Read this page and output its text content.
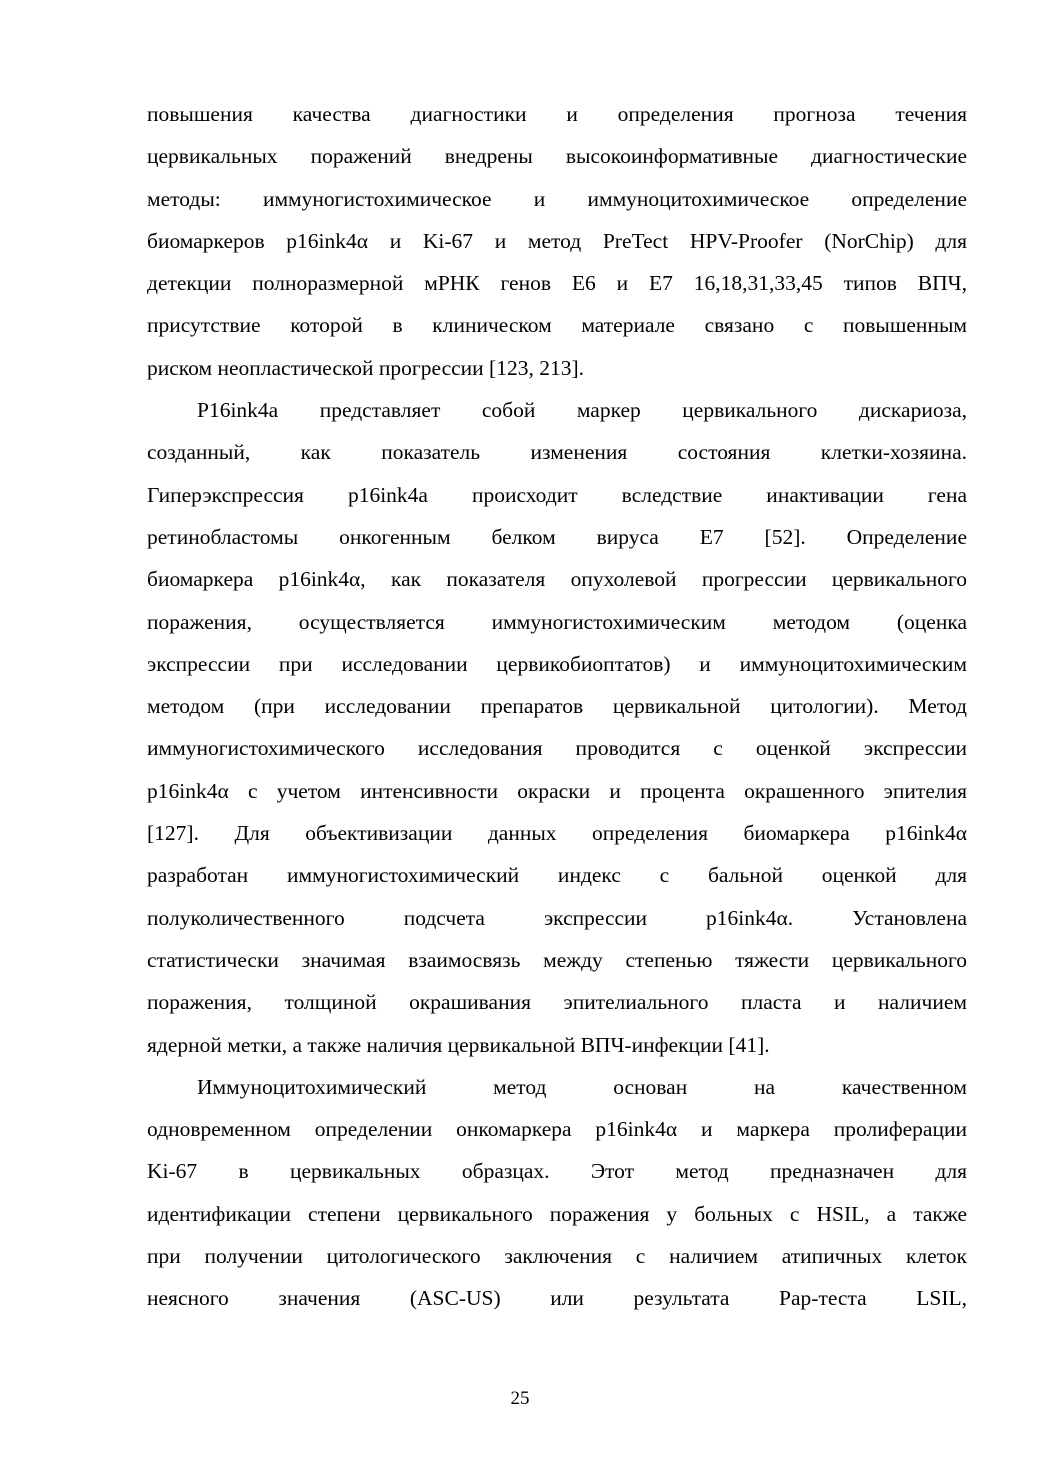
повышения качества диагностики и определения прогноза течения
цервикальных поражений внедрены высокоинформативные диагностические
методы: иммуногистохимическое и иммуноцитохимическое определение
биомаркеров p16ink4α и Ki-67 и метод PreTect HPV-Proofer (NorChip) для
детекции полноразмерной мРНК генов E6 и E7 16,18,31,33,45 типов ВПЧ,
присутствие которой в клиническом материале связано с повышенным
риском неопластической прогрессии [123, 213].
P16ink4a представляет собой маркер цервикального дискариоза,
созданный, как показатель изменения состояния клетки-хозяина.
Гиперэкспрессия p16ink4a происходит вследствие инактивации гена
ретинобластомы онкогенным белком вируса E7 [52]. Определение
биомаркера p16ink4α, как показателя опухолевой прогрессии цервикального
поражения, осуществляется иммуногистохимическим методом (оценка
экспрессии при исследовании цервикобиоптатов) и иммуноцитохимическим
методом (при исследовании препаратов цервикальной цитологии). Метод
иммуногистохимического исследования проводится с оценкой экспрессии
p16ink4α с учетом интенсивности окраски и процента окрашенного эпителия
[127]. Для объективизации данных определения биомаркера p16ink4α
разработан иммуногистохимический индекс с бальной оценкой для
полуколичественного подсчета экспрессии p16ink4α. Установлена
статистически значимая взаимосвязь между степенью тяжести цервикального
поражения, толщиной окрашивания эпителиального пласта и наличием
ядерной метки, а также наличия цервикальной ВПЧ-инфекции [41].
Иммуноцитохимический метод основан на качественном
одновременном определении онкомаркера p16ink4α и маркера пролиферации
Ki-67 в цервикальных образцах. Этот метод предназначен для
идентификации степени цервикального поражения у больных с HSIL, а также
при получении цитологического заключения с наличием атипичных клеток
неясного значения (ASC-US) или результата Pap-теста LSIL,
25
